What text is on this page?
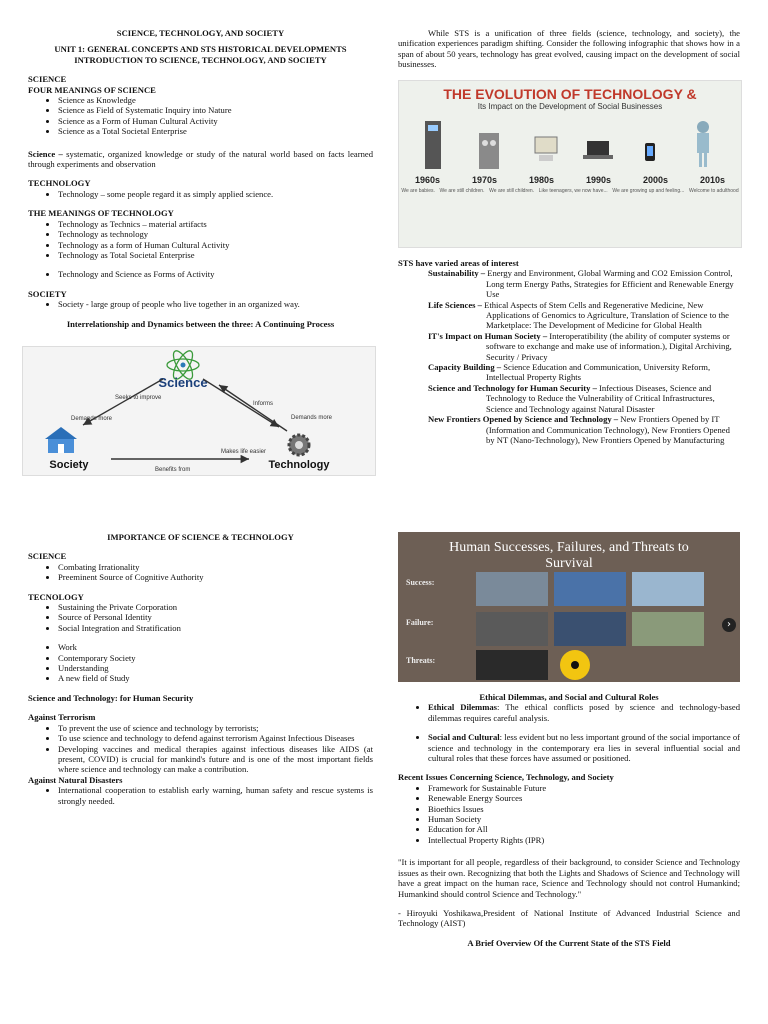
SCIENCE, TECHNOLOGY, AND SOCIETY
UNIT 1: GENERAL CONCEPTS AND STS HISTORICAL DEVELOPMENTS
INTRODUCTION TO SCIENCE, TECHNOLOGY, AND SOCIETY
SCIENCE
FOUR MEANINGS OF SCIENCE
• Science as Knowledge
• Science as Field of Systematic Inquiry into Nature
• Science as a Form of Human Cultural Activity
• Science as a Total Societal Enterprise

Science – systematic, organized knowledge or study of the natural world based on facts learned through experiments and observation

TECHNOLOGY
• Technology – some people regard it as simply applied science.
THE MEANINGS OF TECHNOLOGY
• Technology as Technics – material artifacts
• Technology as technology
• Technology as a form of Human Cultural Activity
• Technology as Total Societal Enterprise
• Technology and Science as Forms of Activity
SOCIETY
• Society - large group of people who live together in an organized way.
Interrelationship and Dynamics between the three: A Continuing Process
Science
Society	Technology
Seeks to improve
Informs
Demands more	Demands more
Benefits from
Makes life easier

While STS is a unification of three fields (science, technology, and society), the unification experiences paradigm shifting. Consider the following infographic that shows how in a span of about 50 years, technology has great evolved, causing impact on the development of social businesses.

THE EVOLUTION OF TECHNOLOGY &
Its Impact on the Development of Social Businesses
1960s	1970s	1980s	1990s	2000s	2010s
We are babies. We are still children. We are still children. Like teenagers, we now have... We are growing up and feeling... Welcome to adulthood
STS have varied areas of interest

Sustainability – Energy and Environment, Global Warming and CO2 Emission Control, Long term Energy Paths, Strategies for Efficient and Renewable Energy Use

Life Sciences – Ethical Aspects of Stem Cells and Regenerative Medicine, New Applications of Genomics to Agriculture, Translation of Science to the Marketplace: The Development of Medicine for Global Health

IT's Impact on Human Society – Interoperatibility (the ability of computer systems or software to exchange and make use of information.), Digital Archiving, Security / Privacy

Capacity Building – Science Education and Communication, University Reform, Intellectual Property Rights

Science and Technology for Human Security – Infectious Diseases, Science and Technology to Reduce the Vulnerability of Critical Infrastructures, Science and Technology against Natural Disaster

New Frontiers Opened by Science and Technology – New Frontiers Opened by IT (Information and Communication Technology), New Frontiers Opened by NT (Nano-Technology), New Frontiers Opened by Manufacturing

IMPORTANCE OF SCIENCE & TECHNOLOGY
SCIENCE
• Combating Irrationality
• Preeminent Source of Cognitive Authority
TECNOLOGY
• Sustaining the Private Corporation
• Source of Personal Identity
• Social Integration and Stratification
• Work
• Contemporary Society
• Understanding
• A new field of Study
Science and Technology: for Human Security
Against Terrorism
• To prevent the use of science and technology by terrorists;
• To use science and technology to defend against terrorism Against Infectious Diseases
• Developing vaccines and medical therapies against infectious diseases like AIDS (at present, COVID) is crucial for mankind's future and is one of the most important fields where science and technology can make a contribution.
Against Natural Disasters
• International cooperation to establish early warning, human safety and rescue systems is strongly needed.
Human Successes, Failures, and Threats to Survival
Success:
Failure:
Threats:
›
Ethical Dilemmas, and Social and Cultural Roles
• Ethical Dilemmas: The ethical conflicts posed by science and technology-based dilemmas requires careful analysis.
• Social and Cultural: less evident but no less important ground of the social importance of science and technology in the contemporary era lies in several influential social and cultural roles that these forces have assumed or positioned.
Recent Issues Concerning Science, Technology, and Society
• Framework for Sustainable Future
• Renewable Energy Sources
• Bioethics Issues
• Human Society
• Education for All
• Intellectual Property Rights (IPR)

"It is important for all people, regardless of their background, to consider Science and Technology issues as their own. Recognizing that both the Lights and Shadows of Science and Technology will have a great impact on the human race, Science and Technology should not control Humankind; Humankind should control Science and Technology."

- Hiroyuki Yoshikawa,President of National Institute of Advanced Industrial Science and Technology (AIST)

A Brief Overview Of the Current State of the STS Field
